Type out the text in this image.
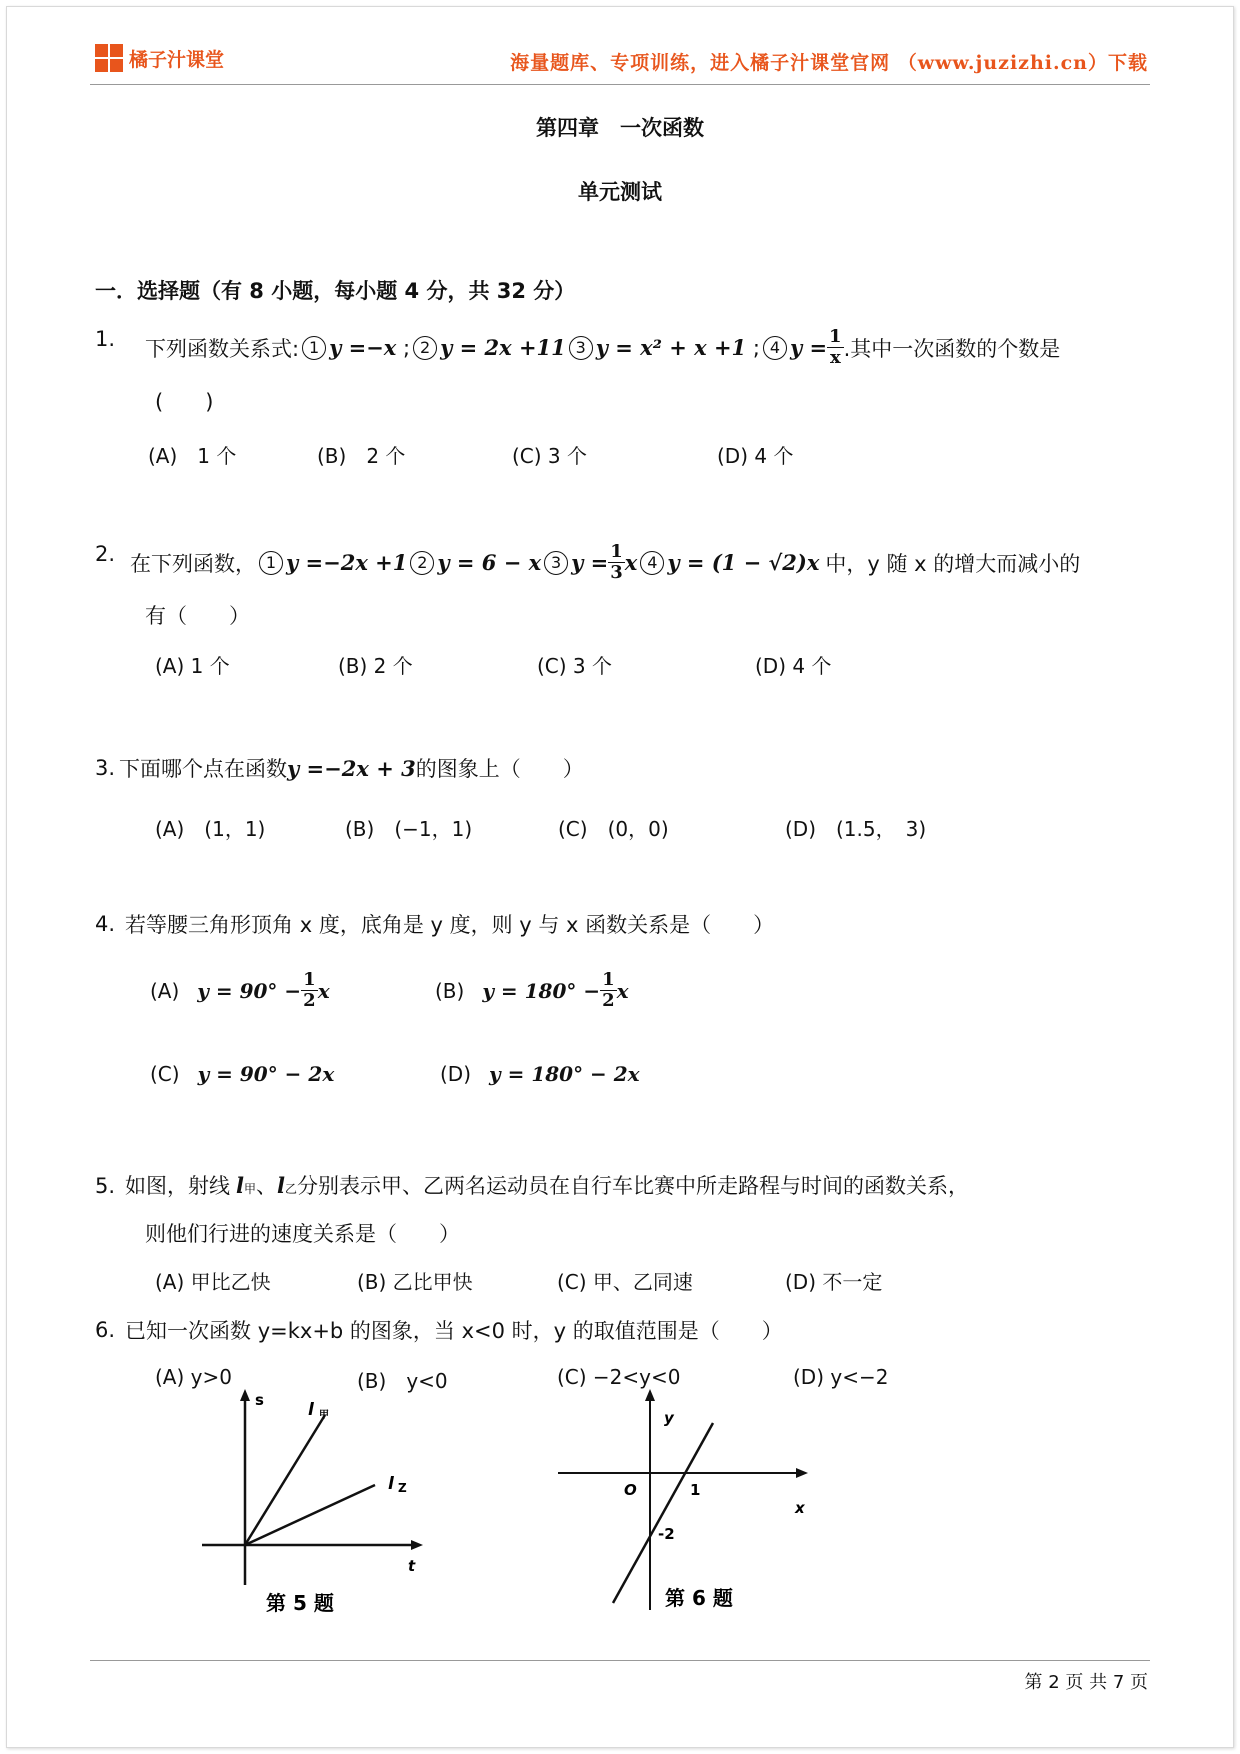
橘子汁课堂	海量题库、专项训练，进入橘子汁课堂官网 （www.juzizhi.cn）下载
第四章　一次函数
单元测试
一．选择题（有 8 小题，每小题 4 分，共 32 分）
1. 下列函数关系式: 1 y =−x ; 2 y = 2x +11 3 y = x² + x +1 ; 4 $y = \frac{1}{x}$ .其中一次函数的个数是
(　　)
(A)　1 个	(B)　2 个	(C) 3 个	(D) 4 个
2. 在下列函数， 1 y =−2x +1 2 y = 6 − x 3 $y = \frac{1}{3}$ x 4 y = (1 − √2)x 中，y 随 x 的增大而减小的
有（　　）
(A) 1 个	(B) 2 个	(C) 3 个	(D) 4 个
3. 下面哪个点在函数 y =−2x + 3 的图象上（　　）
(A)　(1，1)	(B)　(−1，1)	(C)　(0，0)	(D)　(1.5，　3)
4. 若等腰三角形顶角 x 度，底角是 y 度，则 y 与 x 函数关系是（　　）
(A) $y = 90^\circ - \frac{1}{2}$ x	(B) $y = 180^\circ - \frac{1}{2}$ x
(C) y = 90° − 2x	(D) y = 180° − 2x
5. 如图，射线 l 甲 、 l 乙 分别表示甲、乙两名运动员在自行车比赛中所走路程与时间的函数关系，
则他们行进的速度关系是（　　）
(A) 甲比乙快	(B) 乙比甲快	(C) 甲、乙同速	(D) 不一定
6. 已知一次函数 y=kx+b 的图象，当 x<0 时，y 的取值范围是（　　）
(A) y>0	(B)　y<0	(C) −2<y<0	(D) y<−2
s
t
l 甲
l Z
第 5 题
y
x
O	1
-2
第 6 题
第 2 页 共 7 页
